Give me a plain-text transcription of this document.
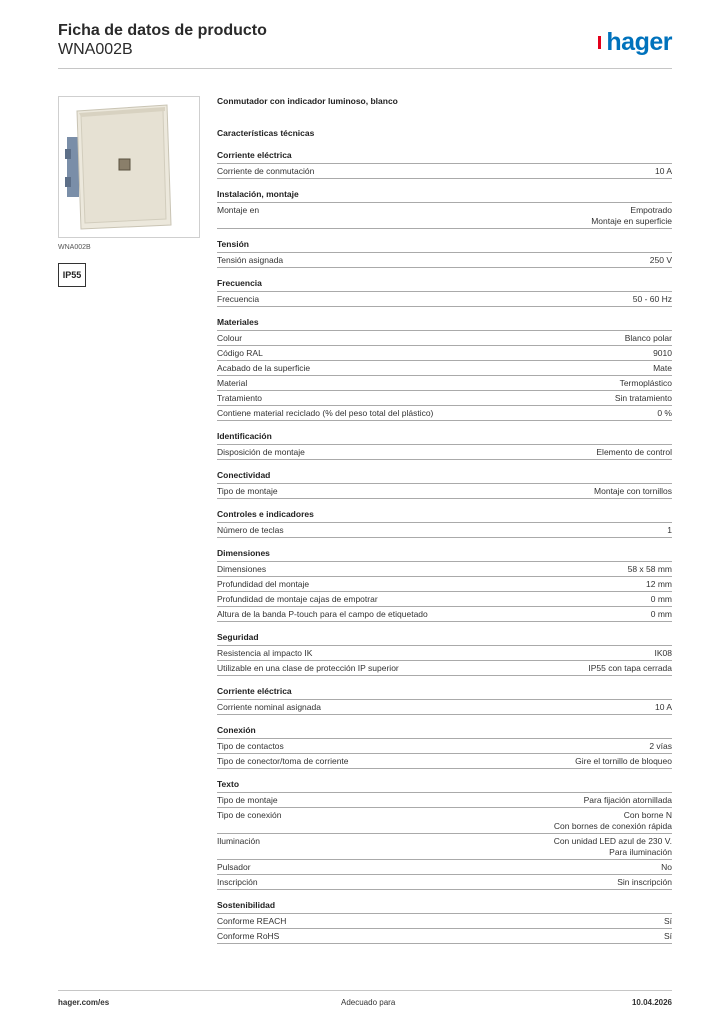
Ficha de datos de producto
WNA002B	hager
WNA002B
IP55
Conmutador con indicador luminoso, blanco
Características técnicas
Corriente eléctrica
Corriente de conmutación	10 A
Instalación, montaje
Montaje en	Empotrado
Montaje en superficie
Tensión
Tensión asignada	250 V
Frecuencia
Frecuencia	50 - 60 Hz
Materiales
Colour	Blanco polar
Código RAL	9010
Acabado de la superficie	Mate
Material	Termoplástico
Tratamiento	Sin tratamiento
Contiene material reciclado (% del peso total del plástico)	0 %
Identificación
Disposición de montaje	Elemento de control
Conectividad
Tipo de montaje	Montaje con tornillos
Controles e indicadores
Número de teclas	1
Dimensiones
Dimensiones	58 x 58 mm
Profundidad del montaje	12 mm
Profundidad de montaje cajas de empotrar	0 mm
Altura de la banda P-touch para el campo de etiquetado	0 mm
Seguridad
Resistencia al impacto IK	IK08
Utilizable en una clase de protección IP superior	IP55 con tapa cerrada
Corriente eléctrica
Corriente nominal asignada	10 A
Conexión
Tipo de contactos	2 vías
Tipo de conector/toma de corriente	Gire el tornillo de bloqueo
Texto
Tipo de montaje	Para fijación atornillada
Tipo de conexión	Con borne N
Con bornes de conexión rápida
Iluminación	Con unidad LED azul de 230 V.
Para iluminación
Pulsador	No
Inscripción	Sin inscripción
Sostenibilidad
Conforme REACH	Sí
Conforme RoHS	Sí
hager.com/es	Adecuado para	10.04.2026
